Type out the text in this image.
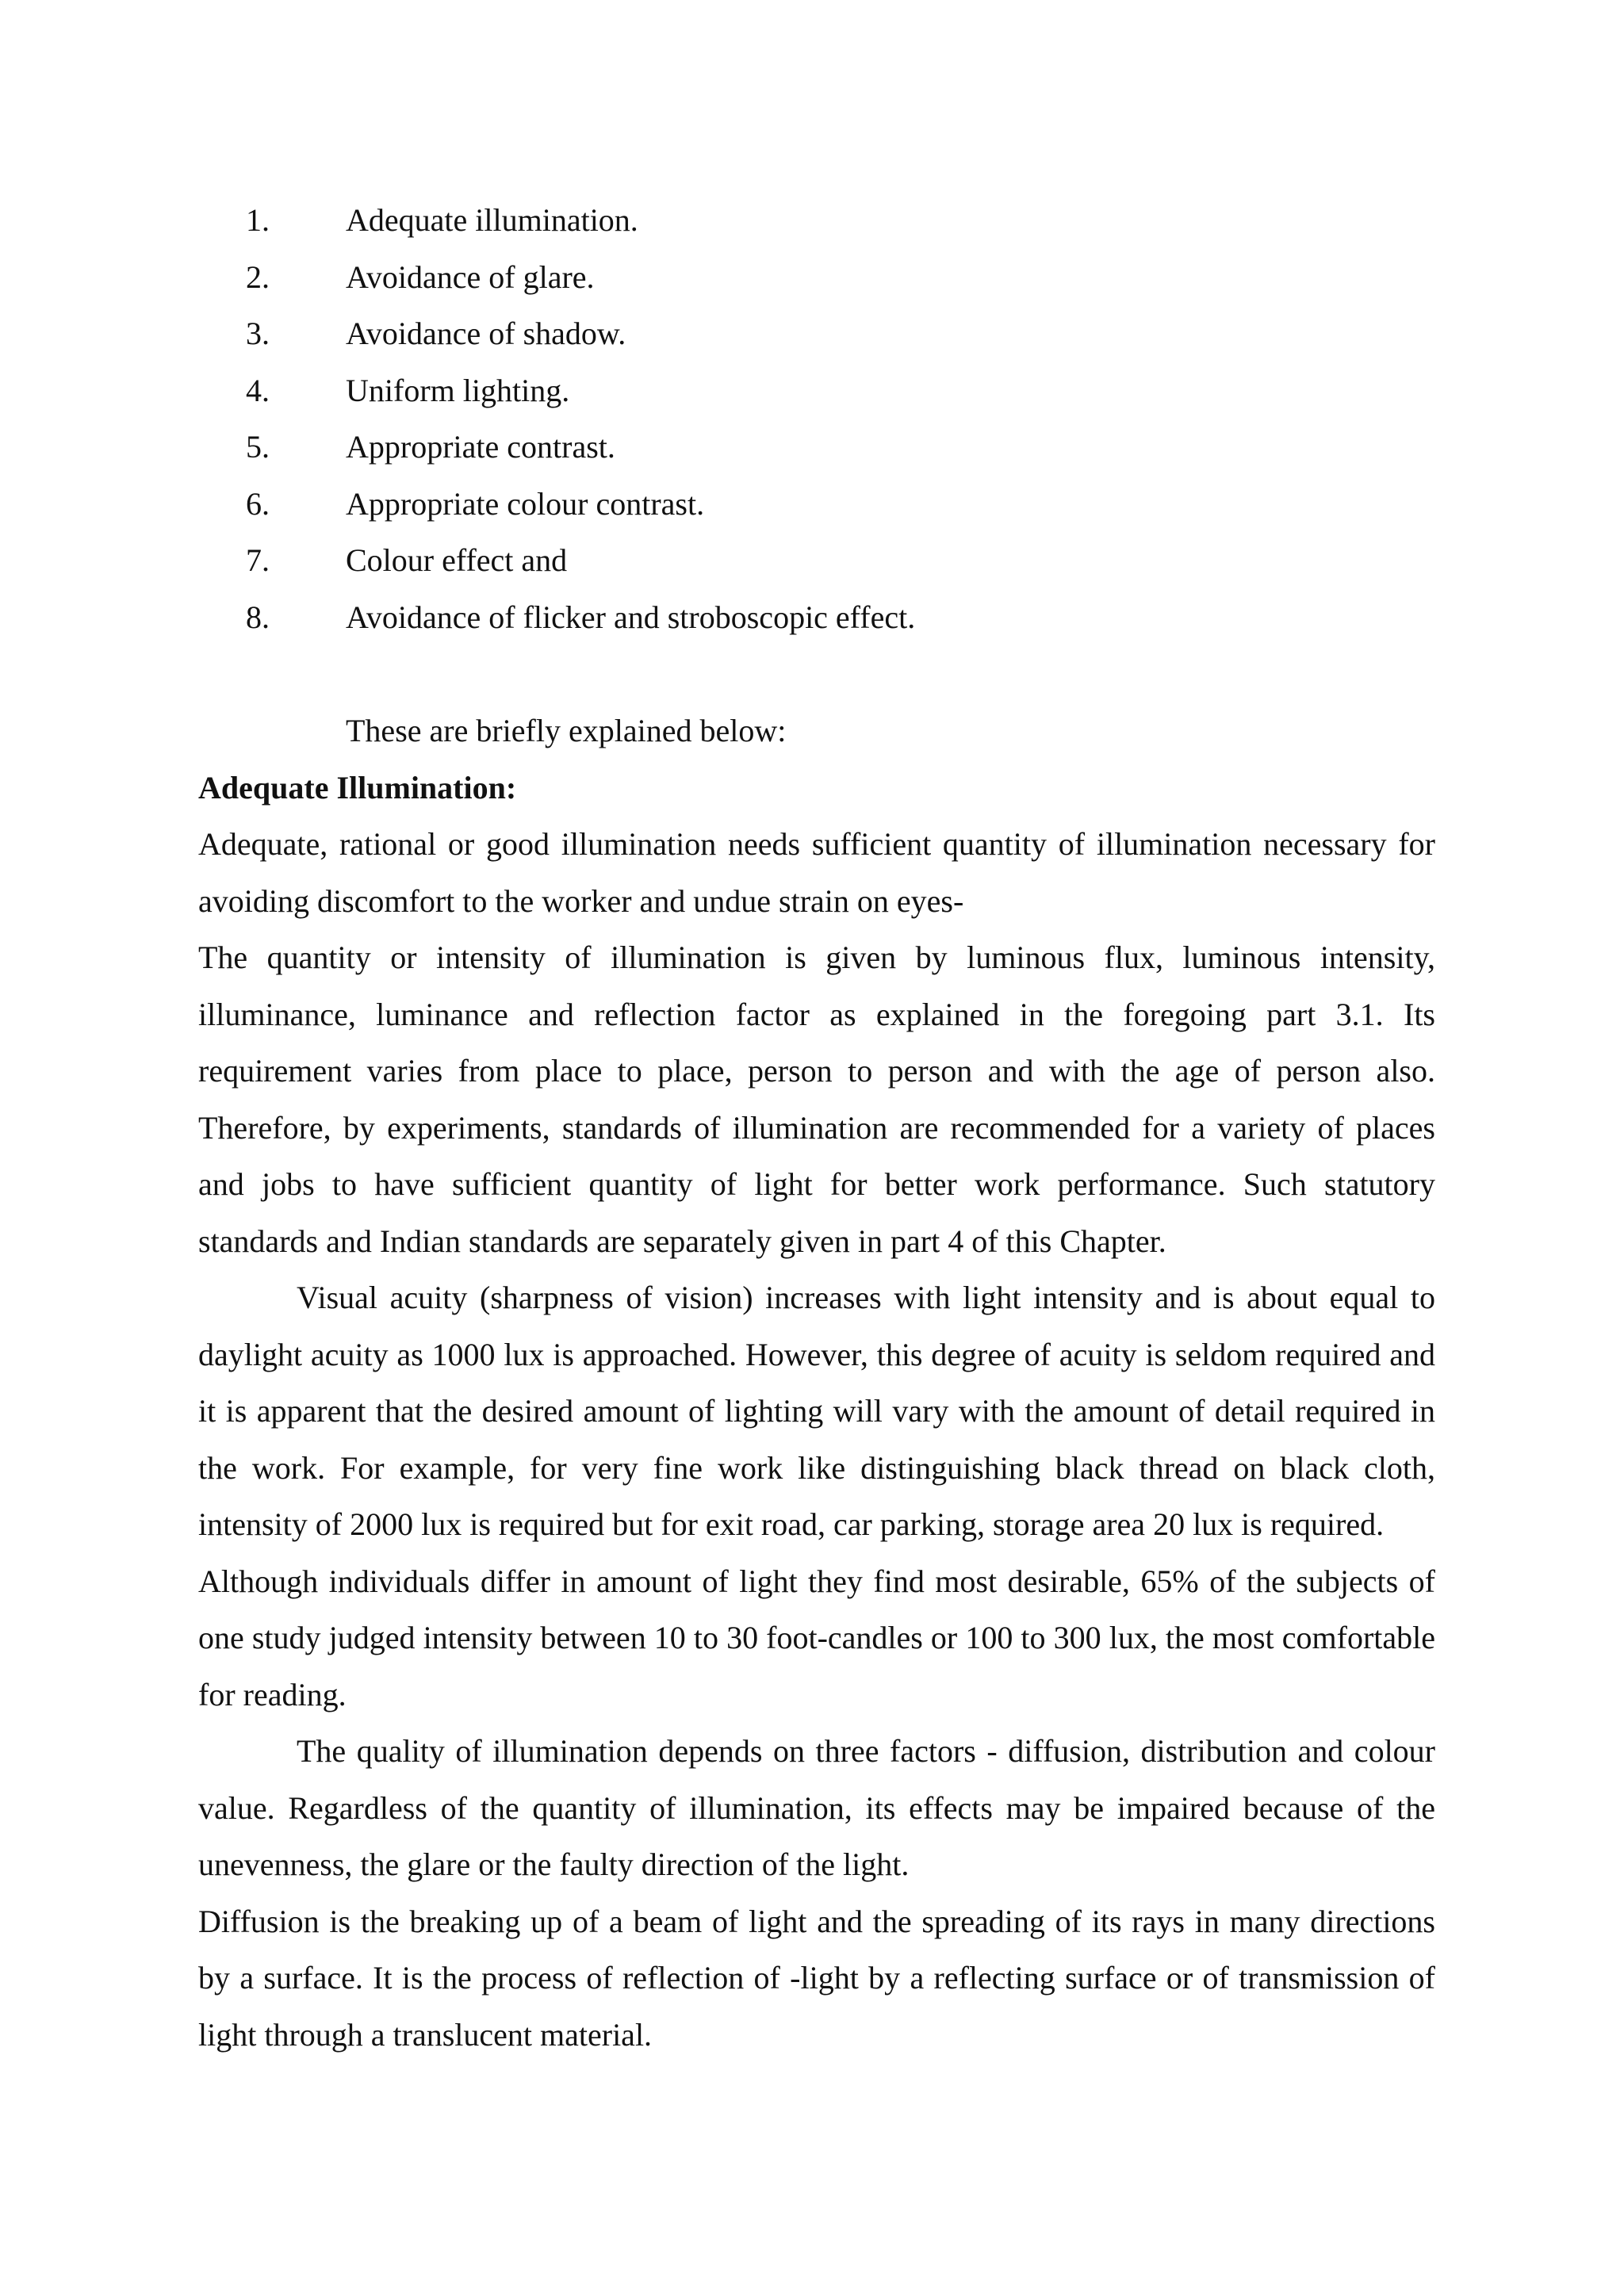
1.	Adequate illumination.
2.	Avoidance of glare.
3.	Avoidance of shadow.
4.	Uniform lighting.
5.	Appropriate contrast.
6.	Appropriate colour contrast.
7.	Colour effect and
8.	Avoidance of flicker and stroboscopic effect.

These are briefly explained below:

Adequate Illumination:

Adequate, rational or good illumination needs sufficient quantity of illumination necessary for avoiding discomfort to the worker and undue strain on eyes-

The quantity or intensity of illumination is given by luminous flux, luminous intensity, illuminance, luminance and reflection factor as explained in the foregoing part 3.1. Its requirement varies from place to place, person to person and with the age of person also. Therefore, by experiments, standards of illumination are recommended for a variety of places and jobs to have sufficient quantity of light for better work performance. Such statutory standards and Indian standards are separately given in part 4 of this Chapter.

Visual acuity (sharpness of vision) increases with light intensity and is about equal to daylight acuity as 1000 lux is approached. However, this degree of acuity is seldom required and it is apparent that the desired amount of lighting will vary with the amount of detail required in the work. For example, for very fine work like distinguishing black thread on black cloth, intensity of 2000 lux is required but for exit road, car parking, storage area 20 lux is required.

Although individuals differ in amount of light they find most desirable, 65% of the subjects of one study judged intensity between 10 to 30 foot-candles or 100 to 300 lux, the most comfortable for reading.

The quality of illumination depends on three factors - diffusion, distribution and colour value. Regardless of the quantity of illumination, its effects may be impaired because of the unevenness, the glare or the faulty direction of the light.

Diffusion is the breaking up of a beam of light and the spreading of its rays in many directions by a surface. It is the process of reflection of -light by a reflecting surface or of transmission of light through a translucent material.
